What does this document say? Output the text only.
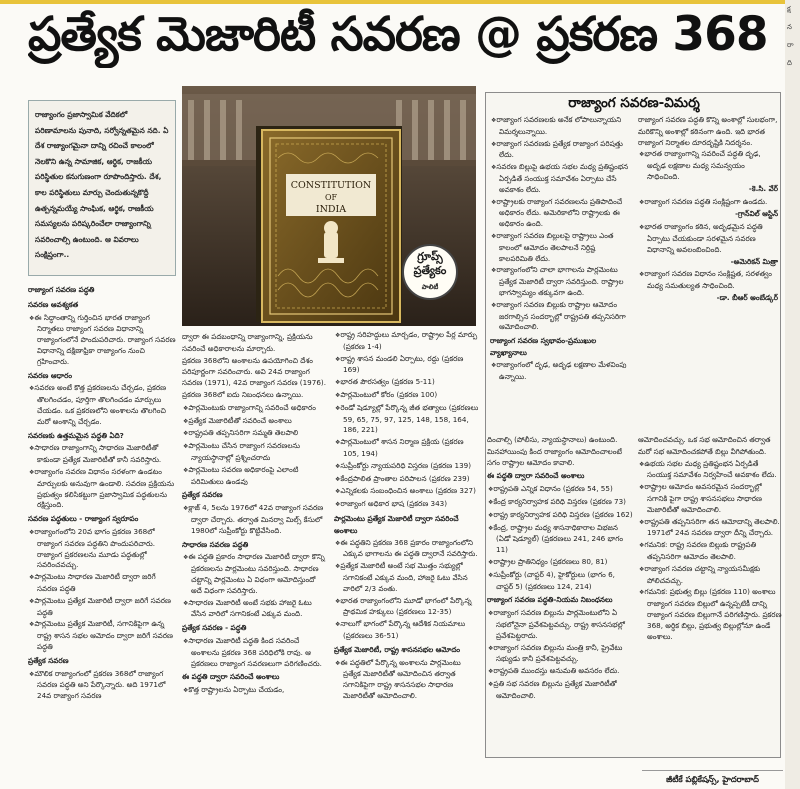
ప్రత్యేక మెజారిటీ సవరణ @ ప్రకరణ 368
రాజ్యాంగం ప్రజాస్వామిక వేదికలో పరిణామాలను పునాది, సర్వోన్నతమైన నది. ఏ దేశ రాజ్యాంగమైనా దాన్ని రచించే కాలంలో నెలకొని ఉన్న సామాజిక, ఆర్థిక, రాజకీయ పరిస్థితుల కనుగుణంగా రూపొందిస్తారు. దేశ, కాల పరిస్థితులు మార్పు చెందుతున్నకొద్దీ ఉత్పన్నమయ్యే సాంఘిక, ఆర్థిక, రాజకీయ సమస్యలను పరిష్కరించేలా రాజ్యాంగాన్ని సవరించాల్సి ఉంటుంది. ఆ వివరాలు సంక్షిప్తంగా..
CONSTITUTION
OF
INDIA
గ్రూప్స్
ప్రత్యేకం
పాలిటీ
రాజ్యాంగ సవరణ-విమర్శ

❖ రాజ్యాంగ సవరణలకు అనేక లోపాలున్నాయని విమర్శలున్నాయి.

❖ రాజ్యాంగ సవరణకు ప్రత్యేక రాజ్యాంగ పరిషత్తు లేదు.

❖ సవరణ బిల్లుపై ఉభయ సభల మధ్య ప్రతిష్టంభన ఏర్పడితే సంయుక్త సమావేశం ఏర్పాటు చేసే అవకాశం లేదు.

❖ రాష్ట్రాలకు రాజ్యాంగ సవరణలను ప్రతిపాదించే అధికారం లేదు. అమెరికాలోని రాష్ట్రాలకు ఈ అధికారం ఉంది.

❖ రాజ్యాంగ సవరణ బిల్లులపై రాష్ట్రాలు ఎంత కాలంలో ఆమోదం తెలపాలనే నిర్దిష్ట కాలపరిమితి లేదు.

❖ రాజ్యాంగంలోని చాలా భాగాలను పార్లమెంటు ప్రత్యేక మెజారిటీ ద్వారా సవరిస్తుంది. రాష్ట్రాల భాగస్వామ్యం తక్కువగా ఉంది.

❖ రాజ్యాంగ సవరణ బిల్లుకు రాష్ట్రాల ఆమోదం జరగాల్సిన సందర్భాల్లో రాష్ట్రపతి తప్పనిసరిగా ఆమోదించాలి.

రాజ్యాంగ సవరణ స్వభావం-ప్రముఖుల వ్యాఖ్యానాలు

❖ రాజ్యాంగంలో దృఢ, అదృఢ లక్షణాల మేళవింపు ఉన్నాయి.

రాజ్యాంగ సవరణ పద్ధతి కొన్ని అంశాల్లో సులభంగా, మరికొన్ని అంశాల్లో కఠినంగా ఉంది. ఇది భారత రాజ్యాంగ నిర్మాతల దూరదృష్టికి నిదర్శనం.

❖ భారత రాజ్యాంగాన్ని సవరించే పద్ధతి దృఢ, అదృఢ లక్షణాల మధ్య సమన్వయం సాధించింది.

-కె.సి. వేర్

❖ రాజ్యాంగ సవరణ పద్ధతి సంక్లిష్టంగా ఉండదు.

-గ్రాన్‌విల్ ఆస్టిన్

❖ భారత రాజ్యాంగం కఠిన, అదృఢమైన పద్ధతి ఏర్పాటు చేయకుండా సరళమైన సవరణ విధానాన్ని అవలంబించింది.

-అమెరికన్ మిత్రా

❖ రాజ్యాంగ సవరణ విధానం సంక్లిష్టత, సరళత్వం మధ్య సమతుల్యత సాధించింది.

-డా. బీఆర్ అంబేడ్కర్

రాజ్యాంగ సవరణ పద్ధతి

సవరణ ఆవశ్యకత

❖ ఈ సిద్ధాంతాన్ని గుర్తించిన భారత రాజ్యాంగ నిర్మాతలు రాజ్యాంగ సవరణ విధానాన్ని రాజ్యాంగంలోనే పొందుపరిచారు. రాజ్యాంగ సవరణ విధానాన్ని దక్షిణాఫ్రికా రాజ్యాంగం నుంచి గ్రహించారు.

సవరణ ఆధారం

❖ సవరణ అంటే కొత్త ప్రకరణలను చేర్చడం, ప్రకరణ తొలగించడం, పూర్తిగా తొలగించడం మార్పులు చేయడం. ఒక ప్రకరణలోని అంశాలను తొలగించి మరో అంశాన్ని చేర్చడం.

సవరణకు ఉత్తమమైన పద్ధతి ఏది?

❖ సాధారణ రాజ్యాంగాన్ని సాధారణ మెజారిటీతో కాకుండా ప్రత్యేక మెజారిటీతో కానీ సవరిస్తారు.

❖ రాజ్యాంగం సవరణ విధానం సరళంగా ఉండటం మార్పులకు అనువుగా ఉండాలి. సవరణ ప్రక్రియను ప్రభుత్వం కలిసికట్టుగా ప్రజాస్వామిక పద్ధతులను రక్షిస్తుంది.

సవరణ పద్ధతులు - రాజ్యాంగ స్వరూపం

❖ రాజ్యాంగంలోని 20వ భాగం ప్రకరణ 368లో రాజ్యాంగ సవరణ పద్ధతిని పొందుపరిచారు. రాజ్యాంగ ప్రకరణలను మూడు పద్ధతుల్లో సవరించవచ్చు.

❖ పార్లమెంటు సాధారణ మెజారిటీ ద్వారా జరిగే సవరణ పద్ధతి

❖ పార్లమెంటు ప్రత్యేక మెజారిటీ ద్వారా జరిగే సవరణ పద్ధతి

❖ పార్లమెంటు ప్రత్యేక మెజారిటీ, సగానికిపైగా ఉన్న రాష్ట్ర శాసన సభల ఆమోదం ద్వారా జరిగే సవరణ పద్ధతి

ప్రత్యేక సవరణ

❖ మౌలిక రాజ్యాంగంలో ప్రకరణ 368లో రాజ్యాంగ సవరణ పద్ధతి అని పేర్కొన్నారు. అది 1971లో 24వ రాజ్యాంగ సవరణ

ద్వారా ఈ పదబంధాన్ని రాజ్యాంగాన్ని, ప్రక్రియను సవరించే అధికారాలను మార్చారు.

ప్రకరణ 368లోని అంశాలను ఉపయోగించి దేశం పరిపూర్ణంగా సవరించారు. అవి 24వ రాజ్యాంగ సవరణ (1971), 42వ రాజ్యాంగ సవరణ (1976).

ప్రకరణ 368లో ఐదు నిబంధనలు ఉన్నాయి.

❖ పార్లమెంటుకు రాజ్యాంగాన్ని సవరించే అధికారం

❖ ప్రత్యేక మెజారిటీతో సవరించే అంశాలు

❖ రాష్ట్రపతి తప్పనిసరిగా సమ్మతి తెలపాలి

❖ పార్లమెంటు చేసిన రాజ్యాంగ సవరణలను న్యాయస్థానాల్లో ప్రశ్నించరాదు

❖ పార్లమెంటు సవరణ అధికారంపై ఎలాంటి పరిమితులు ఉండవు

ప్రత్యేక సవరణ

❖ క్లాజ్ 4, 5లను 1976లో 42వ రాజ్యాంగ సవరణ ద్వారా చేర్చారు. తర్వాత మినర్వా మిల్స్ కేసులో 1980లో సుప్రీంకోర్టు కొట్టివేసింది.

సాధారణ సవరణ పద్ధతి

❖ ఈ పద్ధతి ప్రకారం సాధారణ మెజారిటీ ద్వారా కొన్ని ప్రకరణలను పార్లమెంటు సవరిస్తుంది. సాధారణ చట్టాన్ని పార్లమెంటు ఏ విధంగా ఆమోదిస్తుందో అదే విధంగా సవరిస్తారు.

❖ సాధారణ మెజారిటీ అంటే సభకు హాజరై ఓటు వేసిన వారిలో సగానికంటే ఎక్కువ మంది.

ప్రత్యేక సవరణ - పద్ధతి

❖ సాధారణ మెజారిటీ పద్ధతి కింద సవరించే అంశాలను ప్రకరణ 368 పరిధిలోకి రావు. ఆ ప్రకరణలు రాజ్యాంగ సవరణలుగా పరిగణించరు.

ఈ పద్ధతి ద్వారా సవరించే అంశాలు

❖ కొత్త రాష్ట్రాలను ఏర్పాటు చేయడం,

❖ రాష్ట్ర సరిహద్దులు మార్చడం, రాష్ట్రాల పేర్ల మార్పు (ప్రకరణ 1-4)

❖ రాష్ట్ర శాసన మండలి ఏర్పాటు, రద్దు (ప్రకరణ 169)

❖ భారత పౌరసత్వం (ప్రకరణ 5-11)

❖ పార్లమెంటులో కోరం (ప్రకరణ 100)

❖ రెండో షెడ్యూల్లో పేర్కొన్న జీత భత్యాలు (ప్రకరణలు 59, 65, 75, 97, 125, 148, 158, 164, 186, 221)

❖ పార్లమెంటులో శాసన నిర్మాణ ప్రక్రియ (ప్రకరణ 105, 194)

❖ సుప్రీంకోర్టు న్యాయపరిధి విస్తరణ (ప్రకరణ 139)

❖ కేంద్రపాలిత ప్రాంతాల పరిపాలన (ప్రకరణ 239)

❖ ఎన్నికలకు సంబంధించిన అంశాలు (ప్రకరణ 327)

❖ రాజ్యాంగ అధికార భాష (ప్రకరణ 343)

పార్లమెంటు ప్రత్యేక మెజారిటీ ద్వారా సవరించే అంశాలు

❖ ఈ పద్ధతిని ప్రకరణ 368 ప్రకారం రాజ్యాంగంలోని ఎక్కువ భాగాలను ఈ పద్ధతి ద్వారానే సవరిస్తారు.

❖ ప్రత్యేక మెజారిటీ అంటే సభ మొత్తం సభ్యుల్లో సగానికంటే ఎక్కువ మంది, హాజరై ఓటు వేసిన వారిలో 2/3 వంతు.

❖ భారత రాజ్యాంగంలోని మూడో భాగంలో పేర్కొన్న ప్రాథమిక హక్కులు (ప్రకరణలు 12-35)

❖ నాలుగో భాగంలో పేర్కొన్న ఆదేశిక నియమాలు (ప్రకరణలు 36-51)

ప్రత్యేక మెజారిటీ, రాష్ట్ర శాసనసభల ఆమోదం

❖ ఈ పద్ధతిలో పేర్కొన్న అంశాలను పార్లమెంటు ప్రత్యేక మెజారిటీతో ఆమోదించిన తర్వాత సగానికిపైగా రాష్ట్ర శాసనసభల సాధారణ మెజారిటీతో ఆమోదించాలి.

దించాల్సి (పోలీసు, న్యాయస్థానాలు) ఉంటుంది. మినహాయింపు కింద రాజ్యాంగం ఆమోదించాలంటే సగం రాష్ట్రాల ఆమోదం కావాలి.

ఈ పద్ధతి ద్వారా సవరించే అంశాలు

❖ రాష్ట్రపతి ఎన్నిక విధానం (ప్రకరణ 54, 55)

❖ కేంద్ర కార్యనిర్వాహక పరిధి విస్తరణ (ప్రకరణ 73)

❖ రాష్ట్ర కార్యనిర్వాహక పరిధి విస్తరణ (ప్రకరణ 162)

❖ కేంద్ర, రాష్ట్రాల మధ్య శాసనాధికారాల విభజన (ఏడో షెడ్యూల్) (ప్రకరణలు 241, 246 భాగం 11)

❖ రాష్ట్రాల ప్రాతినిధ్యం (ప్రకరణలు 80, 81)

❖ సుప్రీంకోర్టు (చాప్టర్ 4), హైకోర్టులు (భాగం 6, చాప్టర్ 5) (ప్రకరణలు 124, 214)

రాజ్యాంగ సవరణ పద్ధతి-నియమ నిబంధనలు

❖ రాజ్యాంగ సవరణ బిల్లును పార్లమెంటులోని ఏ సభలోనైనా ప్రవేశపెట్టవచ్చు. రాష్ట్ర శాసనసభల్లో ప్రవేశపెట్టరాదు.

❖ రాజ్యాంగ సవరణ బిల్లును మంత్రి కానీ, ప్రైవేటు సభ్యుడు కానీ ప్రవేశపెట్టవచ్చు.

❖ రాష్ట్రపతి ముందస్తు అనుమతి అవసరం లేదు.

❖ ప్రతి సభ సవరణ బిల్లును ప్రత్యేక మెజారిటీతో ఆమోదించాలి.

ఆమోదించవచ్చు. ఒక సభ ఆమోదించిన తర్వాత మరో సభ ఆమోదించకపోతే బిల్లు వీగిపోతుంది.

❖ ఉభయ సభల మధ్య ప్రతిష్టంభన ఏర్పడితే సంయుక్త సమావేశం నిర్వహించే అవకాశం లేదు.

❖ రాష్ట్రాల ఆమోదం అవసరమైన సందర్భాల్లో సగానికి పైగా రాష్ట్ర శాసనసభలు సాధారణ మెజారిటీతో ఆమోదించాలి.

❖ రాష్ట్రపతి తప్పనిసరిగా తన ఆమోదాన్ని తెలపాలి. 1971లో 24వ సవరణ ద్వారా దీన్ని చేర్చారు.

❖ గమనిక: రాష్ట్ర సవరణ బిల్లుకు రాష్ట్రపతి తప్పనిసరిగా ఆమోదం తెలపాలి.

❖ రాజ్యాంగ సవరణ చట్టాన్ని న్యాయసమీక్షకు పోలిచవచ్చు.

❖ గమనిక: ప్రభుత్వ బిల్లు (ప్రకరణ 110) అంశాలు రాజ్యాంగ సవరణ బిల్లులో ఉన్నప్పటికీ దాన్ని రాజ్యాంగ సవరణ బిల్లుగానే పరిగణిస్తారు. ప్రకరణ 368, అర్థిక బిల్లు, ప్రభుత్వ బిల్లుల్లోనూ ఉండే అంశాలు.

జీటీకే పబ్లికేషన్స్, హైదరాబాద్
క్ష
న
రా
ది
